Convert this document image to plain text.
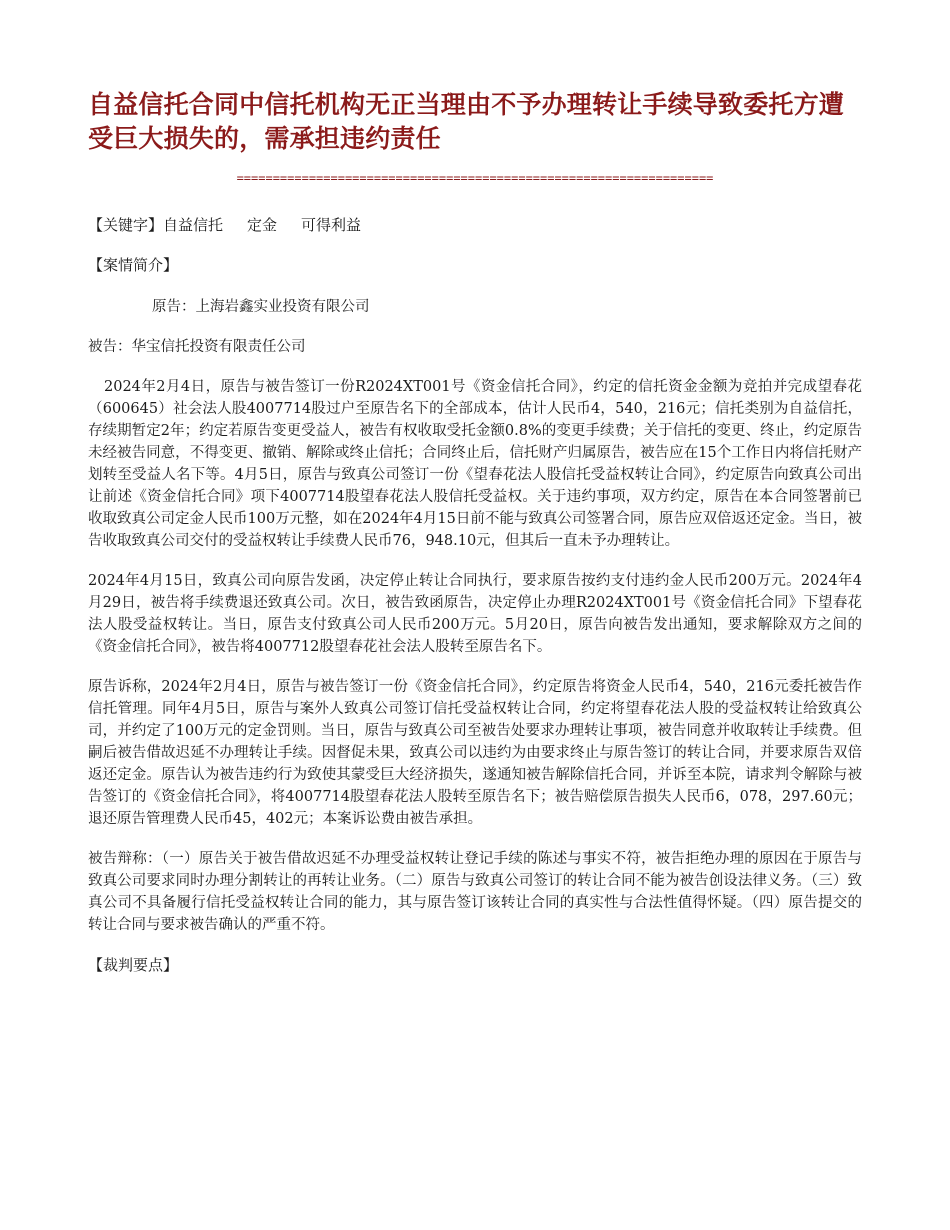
自益信托合同中信托机构无正当理由不予办理转让手续导致委托方遭受巨大损失的，需承担违约责任
==================================================================
【关键字】自益信托 定金 可得利益
【案情简介】

原告：上海岩鑫实业投资有限公司

被告：华宝信托投资有限责任公司

2024年2月4日，原告与被告签订一份R2024XT001号《资金信托合同》，约定的信托资金金额为竞拍并完成望春花（600645）社会法人股4007714股过户至原告名下的全部成本，估计人民币4，540，216元；信托类别为自益信托，存续期暂定2年；约定若原告变更受益人，被告有权收取受托金额0.8%的变更手续费；关于信托的变更、终止，约定原告未经被告同意，不得变更、撤销、解除或终止信托；合同终止后，信托财产归属原告，被告应在15个工作日内将信托财产划转至受益人名下等。4月5日，原告与致真公司签订一份《望春花法人股信托受益权转让合同》，约定原告向致真公司出让前述《资金信托合同》项下4007714股望春花法人股信托受益权。关于违约事项，双方约定，原告在本合同签署前已收取致真公司定金人民币100万元整，如在2024年4月15日前不能与致真公司签署合同，原告应双倍返还定金。当日，被告收取致真公司交付的受益权转让手续费人民币76，948.10元，但其后一直未予办理转让。

2024年4月15日，致真公司向原告发函，决定停止转让合同执行，要求原告按约支付违约金人民币200万元。2024年4月29日，被告将手续费退还致真公司。次日，被告致函原告，决定停止办理R2024XT001号《资金信托合同》下望春花法人股受益权转让。当日，原告支付致真公司人民币200万元。5月20日，原告向被告发出通知，要求解除双方之间的《资金信托合同》，被告将4007712股望春花社会法人股转至原告名下。

原告诉称，2024年2月4日，原告与被告签订一份《资金信托合同》，约定原告将资金人民币4，540，216元委托被告作信托管理。同年4月5日，原告与案外人致真公司签订信托受益权转让合同，约定将望春花法人股的受益权转让给致真公司，并约定了100万元的定金罚则。当日，原告与致真公司至被告处要求办理转让事项，被告同意并收取转让手续费。但嗣后被告借故迟延不办理转让手续。因督促未果，致真公司以违约为由要求终止与原告签订的转让合同，并要求原告双倍返还定金。原告认为被告违约行为致使其蒙受巨大经济损失，遂通知被告解除信托合同，并诉至本院，请求判令解除与被告签订的《资金信托合同》，将4007714股望春花法人股转至原告名下；被告赔偿原告损失人民币6，078，297.60元；退还原告管理费人民币45，402元；本案诉讼费由被告承担。

被告辩称：（一）原告关于被告借故迟延不办理受益权转让登记手续的陈述与事实不符，被告拒绝办理的原因在于原告与致真公司要求同时办理分割转让的再转让业务。（二）原告与致真公司签订的转让合同不能为被告创设法律义务。（三）致真公司不具备履行信托受益权转让合同的能力，其与原告签订该转让合同的真实性与合法性值得怀疑。（四）原告提交的转让合同与要求被告确认的严重不符。

【裁判要点】
